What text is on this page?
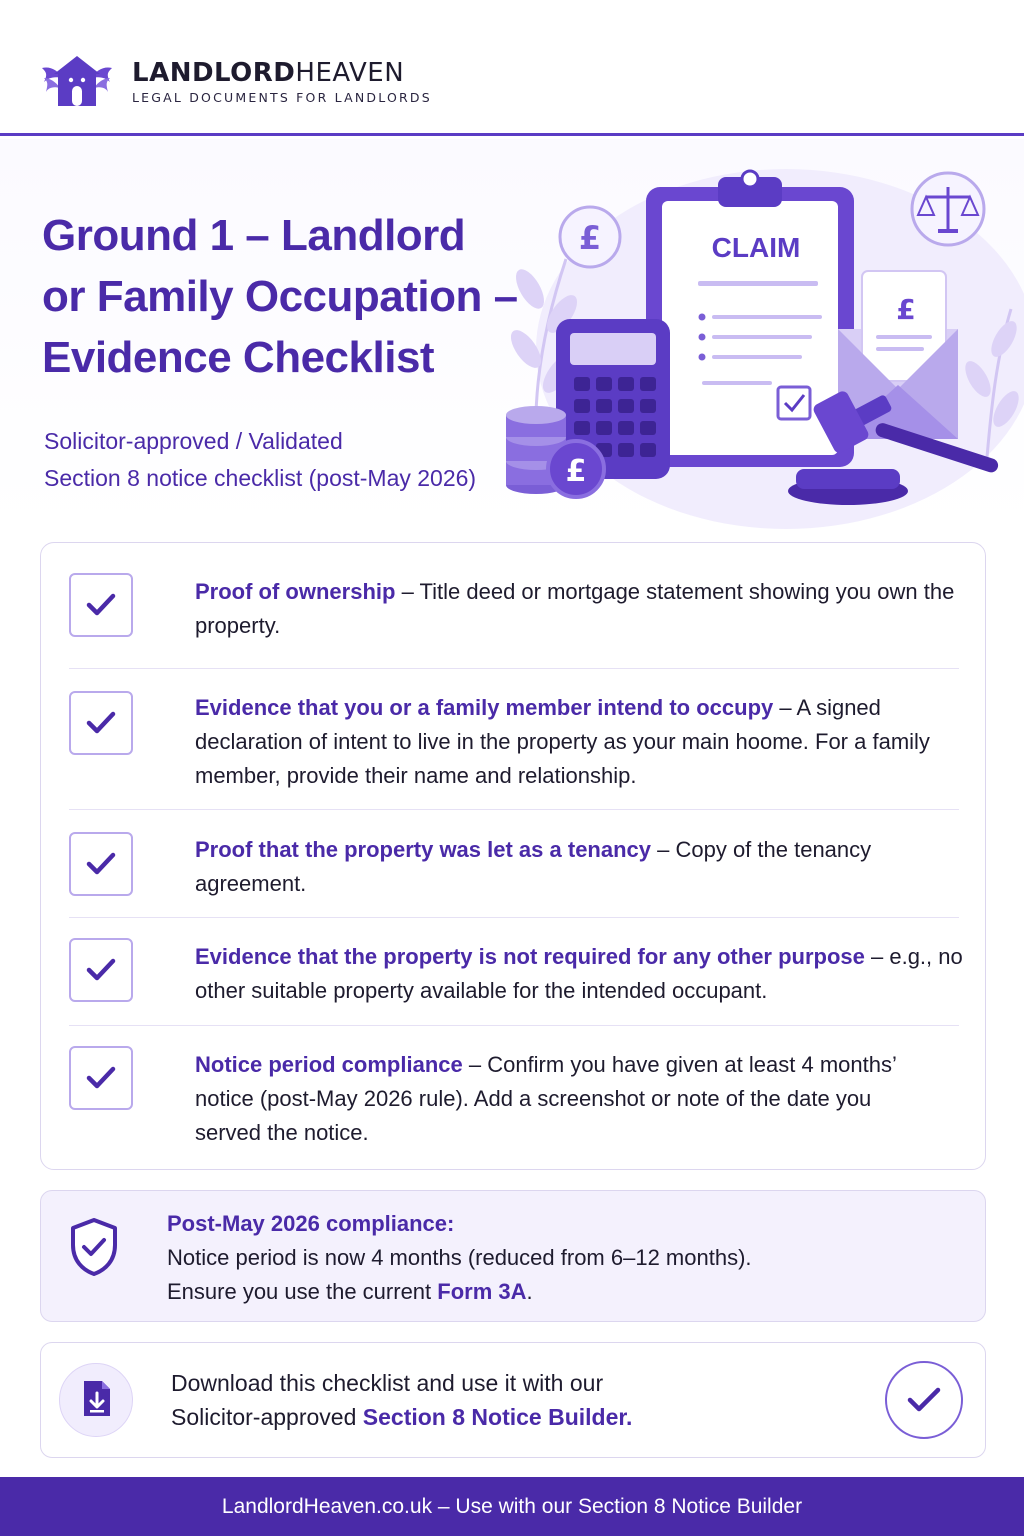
LANDLORDHEAVEN
LEGAL DOCUMENTS FOR LANDLORDS
Ground 1 – Landlord
or Family Occupation –
Evidence Checklist
Solicitor-approved / Validated
Section 8 notice checklist (post-May 2026)
£	CLAIM
£
£
Proof of ownership – Title deed or mortgage statement showing you own the property.
Evidence that you or a family member intend to occupy – A signed declaration of intent to live in the property as your main hoome. For a family member, provide their name and relationship.
Proof that the property was let as a tenancy – Copy of the tenancy agreement.
Evidence that the property is not required for any other purpose – e.g., no other suitable property available for the intended occupant.
Notice period compliance – Confirm you have given at least 4 months’ notice (post-May 2026 rule). Add a screenshot or note of the date you served the notice.
Post-May 2026 compliance:
Notice period is now 4 months (reduced from 6–12 months).
Ensure you use the current Form 3A.
Download this checklist and use it with our
Solicitor-approved Section 8 Notice Builder.
LandlordHeaven.co.uk – Use with our Section 8 Notice Builder
